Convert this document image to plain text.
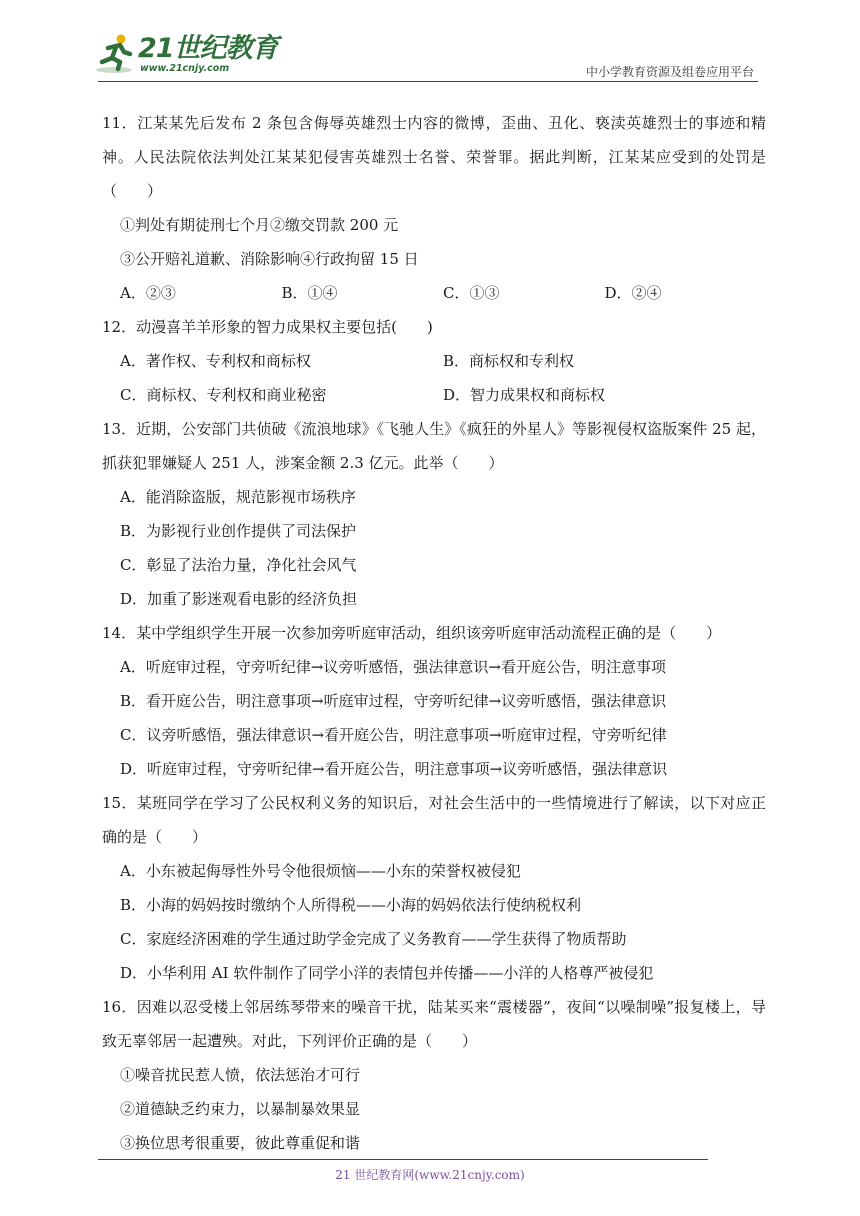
21世纪教育
www.21cnjy.com	中小学教育资源及组卷应用平台

11．江某某先后发布 2 条包含侮辱英雄烈士内容的微博，歪曲、丑化、亵渎英雄烈士的事迹和精神。人民法院依法判处江某某犯侵害英雄烈士名誉、荣誉罪。据此判断，江某某应受到的处罚是（　　）

①判处有期徒刑七个月②缴交罚款 200 元

③公开赔礼道歉、消除影响④行政拘留 15 日

A．②③	B．①④	C．①③	D．②④

12．动漫喜羊羊形象的智力成果权主要包括(　　)

A．著作权、专利权和商标权	B．商标权和专利权
C．商标权、专利权和商业秘密	D．智力成果权和商标权

13．近期，公安部门共侦破《流浪地球》《飞驰人生》《疯狂的外星人》等影视侵权盗版案件 25 起，抓获犯罪嫌疑人 251 人，涉案金额 2.3 亿元。此举（　　）

A．能消除盗版，规范影视市场秩序

B．为影视行业创作提供了司法保护

C．彰显了法治力量，净化社会风气

D．加重了影迷观看电影的经济负担

14．某中学组织学生开展一次参加旁听庭审活动，组织该旁听庭审活动流程正确的是（　　）

A．听庭审过程，守旁听纪律→议旁听感悟，强法律意识→看开庭公告，明注意事项

B．看开庭公告，明注意事项→听庭审过程，守旁听纪律→议旁听感悟，强法律意识

C．议旁听感悟，强法律意识→看开庭公告，明注意事项→听庭审过程，守旁听纪律

D．听庭审过程，守旁听纪律→看开庭公告，明注意事项→议旁听感悟，强法律意识

15．某班同学在学习了公民权利义务的知识后，对社会生活中的一些情境进行了解读，以下对应正确的是（　　）

A．小东被起侮辱性外号令他很烦恼——小东的荣誉权被侵犯

B．小海的妈妈按时缴纳个人所得税——小海的妈妈依法行使纳税权利

C．家庭经济困难的学生通过助学金完成了义务教育——学生获得了物质帮助

D．小华利用 AI 软件制作了同学小洋的表情包并传播——小洋的人格尊严被侵犯

16．因难以忍受楼上邻居练琴带来的噪音干扰，陆某买来“震楼器”，夜间“以噪制噪”报复楼上，导致无辜邻居一起遭殃。对此，下列评价正确的是（　　）

①噪音扰民惹人愤，依法惩治才可行

②道德缺乏约束力，以暴制暴效果显

③换位思考很重要，彼此尊重促和谐

21 世纪教育网(www.21cnjy.com)
